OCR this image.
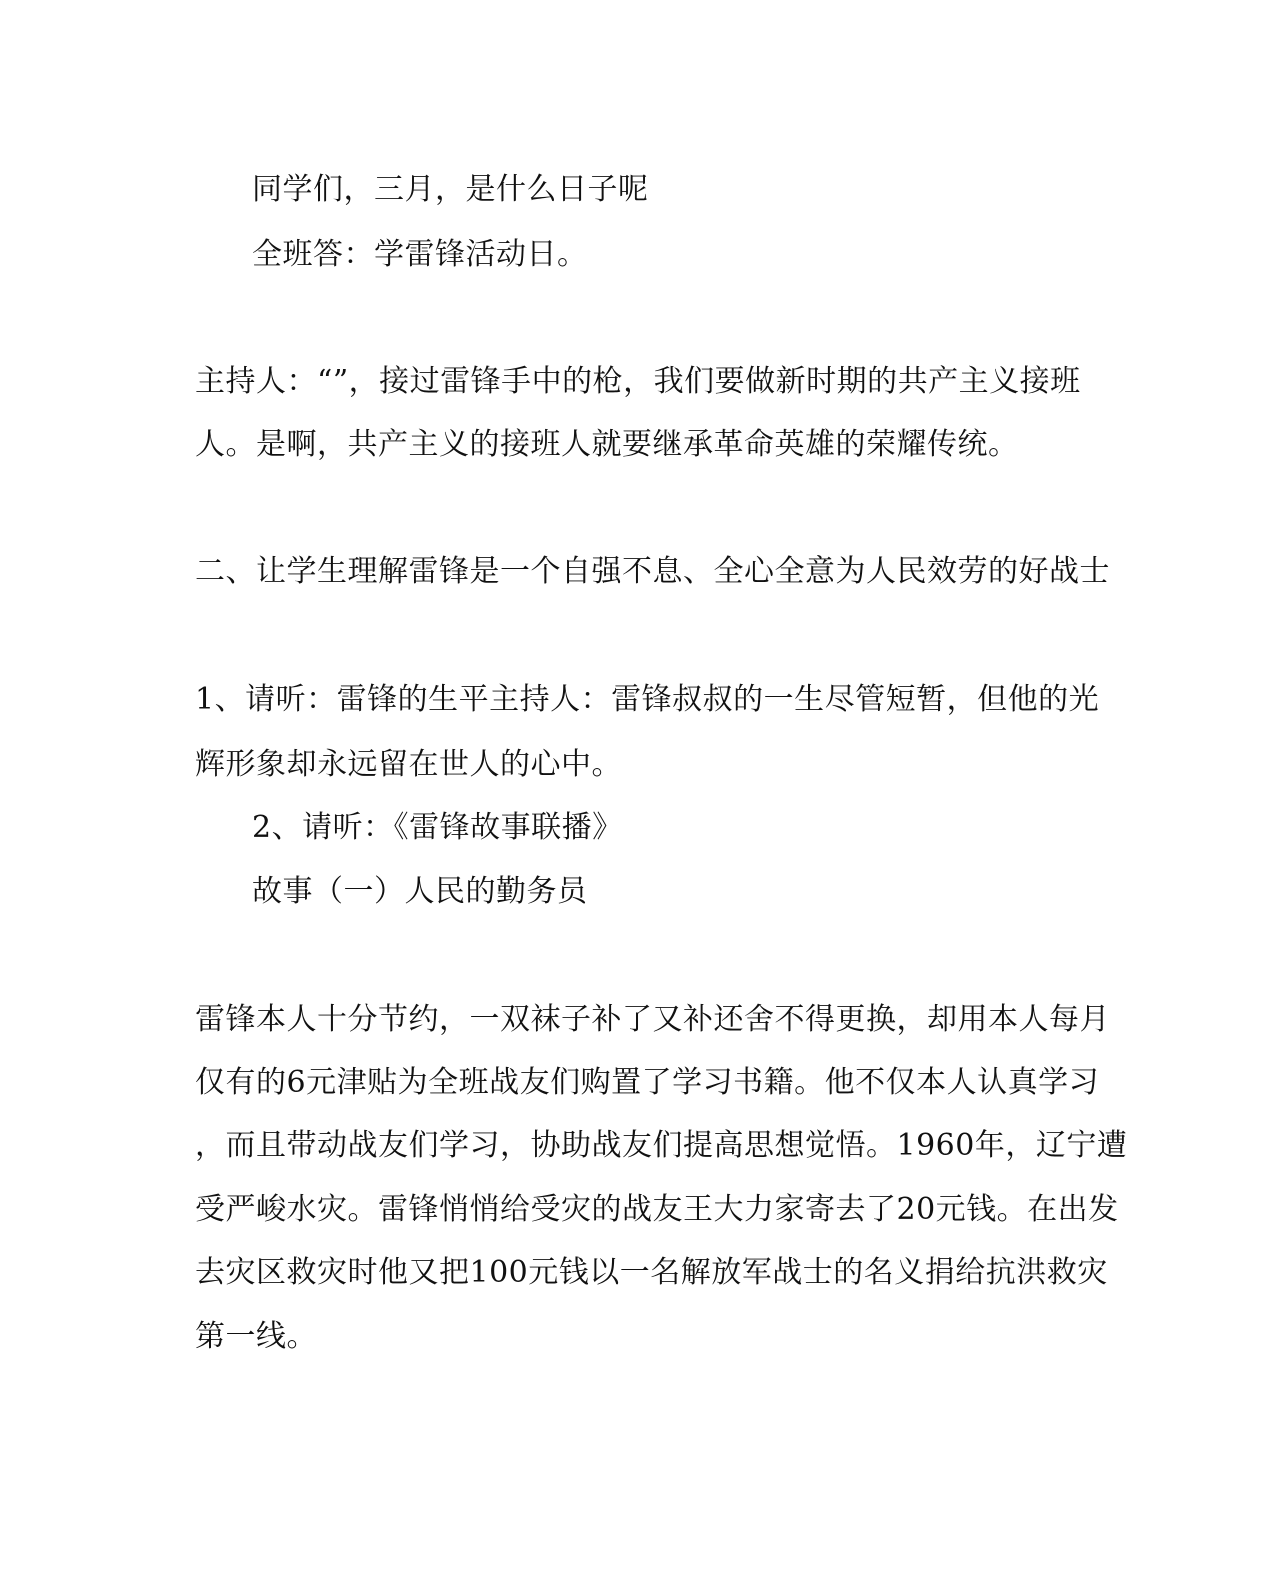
同学们，三月，是什么日子呢
全班答：学雷锋活动日。
主持人：“”，接过雷锋手中的枪，我们要做新时期的共产主义接班
人。是啊，共产主义的接班人就要继承革命英雄的荣耀传统。
二、让学生理解雷锋是一个自强不息、全心全意为人民效劳的好战士
1、请听：雷锋的生平主持人：雷锋叔叔的一生尽管短暂，但他的光
辉形象却永远留在世人的心中。
2、请听：《雷锋故事联播》
故事（一）人民的勤务员
雷锋本人十分节约，一双袜子补了又补还舍不得更换，却用本人每月
仅有的6元津贴为全班战友们购置了学习书籍。他不仅本人认真学习
，而且带动战友们学习，协助战友们提高思想觉悟。1960年，辽宁遭
受严峻水灾。雷锋悄悄给受灾的战友王大力家寄去了20元钱。在出发
去灾区救灾时他又把100元钱以一名解放军战士的名义捐给抗洪救灾
第一线。
